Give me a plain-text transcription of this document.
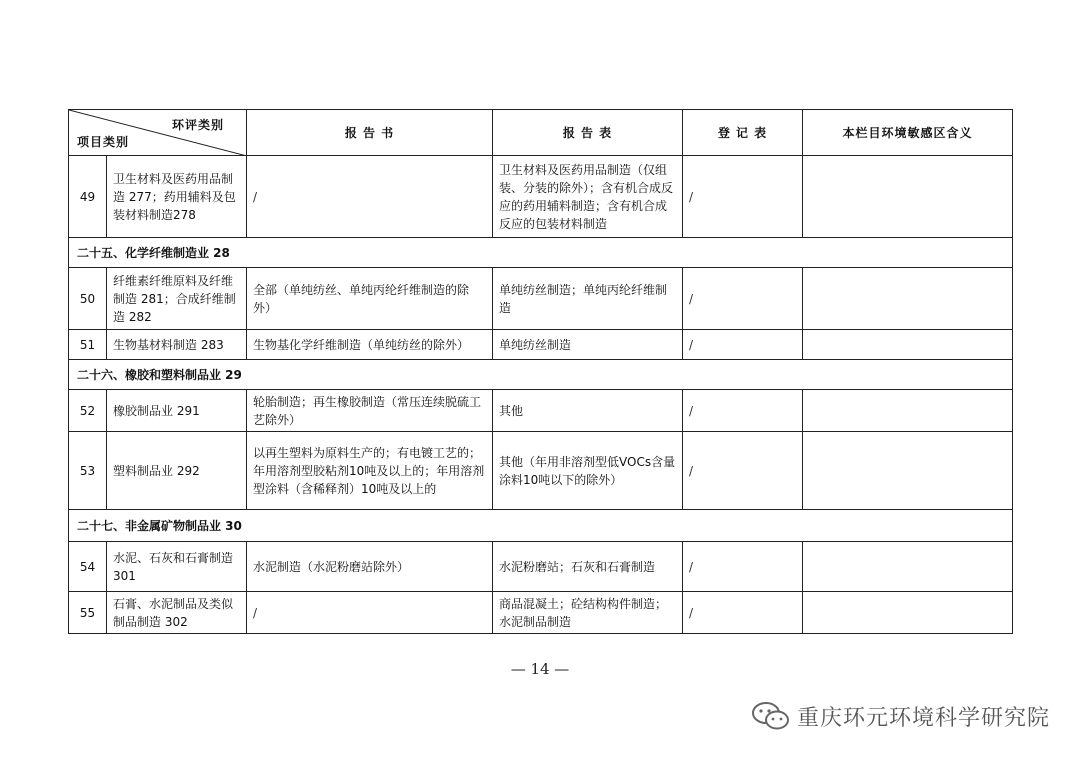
环评类别
项目类别		报 告 书	报 告 表	登 记 表	本栏目环境敏感区含义
49	卫生材料及医药用品制造 277；药用辅料及包装材料制造278	/	卫生材料及医药用品制造（仅组装、分装的除外）；含有机合成反应的药用辅料制造；含有机合成反应的包装材料制造	/	
二十五、化学纤维制造业 28					
50	纤维素纤维原料及纤维制造 281；合成纤维制造 282	全部（单纯纺丝、单纯丙纶纤维制造的除外）	单纯纺丝制造；单纯丙纶纤维制造	/	
51	生物基材料制造 283	生物基化学纤维制造（单纯纺丝的除外）	单纯纺丝制造	/	
二十六、橡胶和塑料制品业 29					
52	橡胶制品业 291	轮胎制造；再生橡胶制造（常压连续脱硫工艺除外）	其他	/	
53	塑料制品业 292	以再生塑料为原料生产的；有电镀工艺的；年用溶剂型胶粘剂10吨及以上的；年用溶剂型涂料（含稀释剂）10吨及以上的	其他（年用非溶剂型低VOCs含量涂料10吨以下的除外）	/	
二十七、非金属矿物制品业 30					
54	水泥、石灰和石膏制造 301	水泥制造（水泥粉磨站除外）	水泥粉磨站；石灰和石膏制造	/	
55	石膏、水泥制品及类似制品制造 302	/	商品混凝土；砼结构构件制造；水泥制品制造	/	
— 14 —
重庆环元环境科学研究院
